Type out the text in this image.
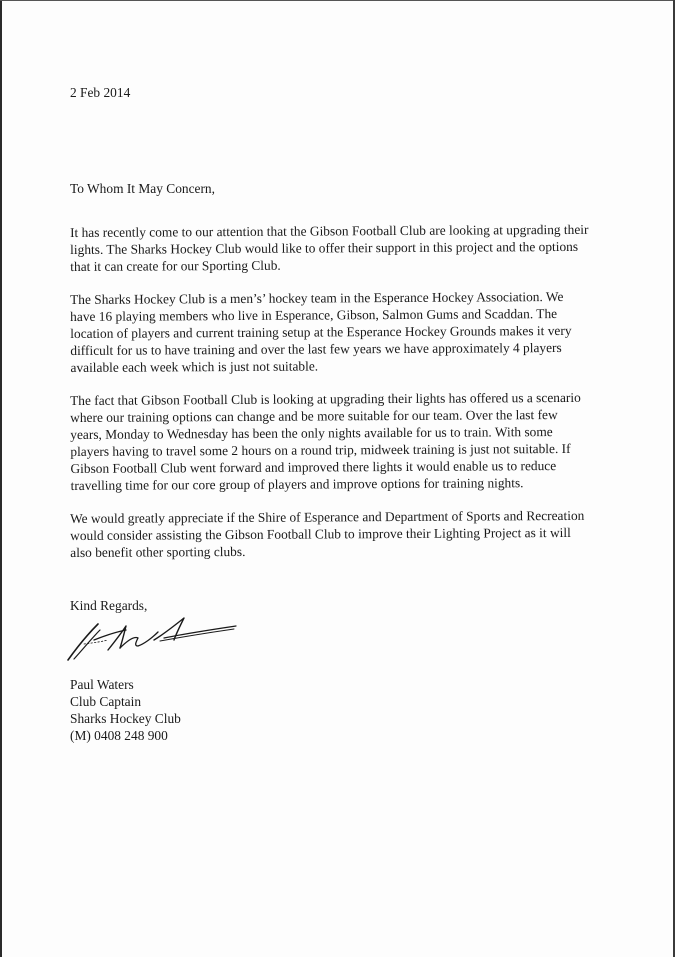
2 Feb 2014

To Whom It May Concern,

It has recently come to our attention that the Gibson Football Club are looking at upgrading their lights. The Sharks Hockey Club would like to offer their support in this project and the options that it can create for our Sporting Club.

The Sharks Hockey Club is a men’s’ hockey team in the Esperance Hockey Association. We have 16 playing members who live in Esperance, Gibson, Salmon Gums and Scaddan. The location of players and current training setup at the Esperance Hockey Grounds makes it very difficult for us to have training and over the last few years we have approximately 4 players available each week which is just not suitable.

The fact that Gibson Football Club is looking at upgrading their lights has offered us a scenario where our training options can change and be more suitable for our team. Over the last few years, Monday to Wednesday has been the only nights available for us to train. With some players having to travel some 2 hours on a round trip, midweek training is just not suitable. If Gibson Football Club went forward and improved there lights it would enable us to reduce travelling time for our core group of players and improve options for training nights.

We would greatly appreciate if the Shire of Esperance and Department of Sports and Recreation would consider assisting the Gibson Football Club to improve their Lighting Project as it will also benefit other sporting clubs.

Kind Regards,

Paul Waters
Club Captain
Sharks Hockey Club
(M) 0408 248 900
